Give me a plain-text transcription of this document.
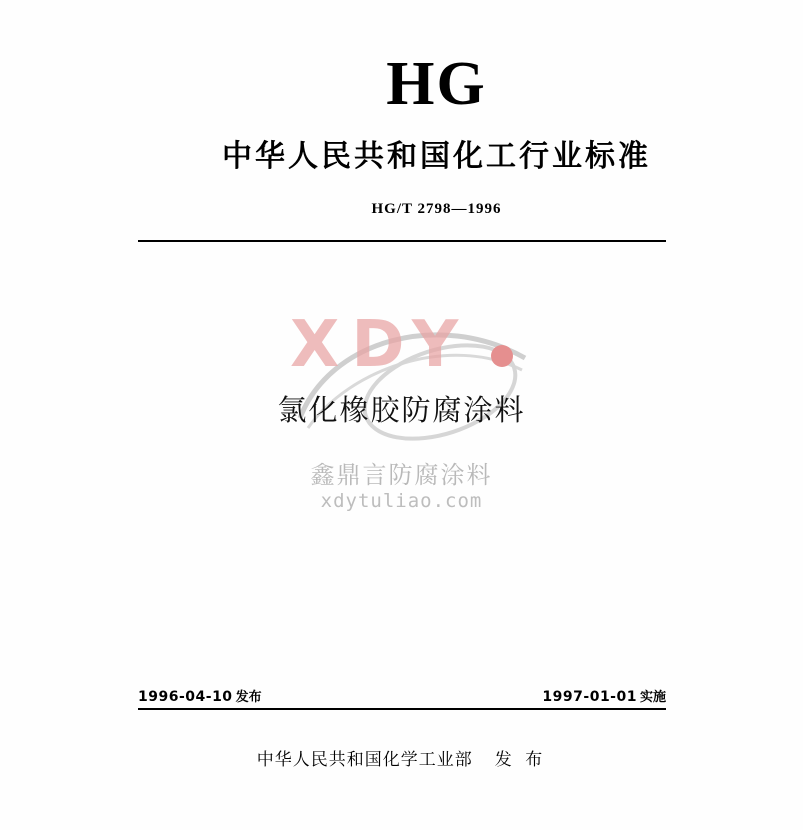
HG
中华人民共和国化工行业标准
HG/T 2798—1996
XDY
氯化橡胶防腐涂料
鑫鼎言防腐涂料
xdytuliao.com
1996-04-10 发布	1997-01-01 实施
中华人民共和国化学工业部 发 布
